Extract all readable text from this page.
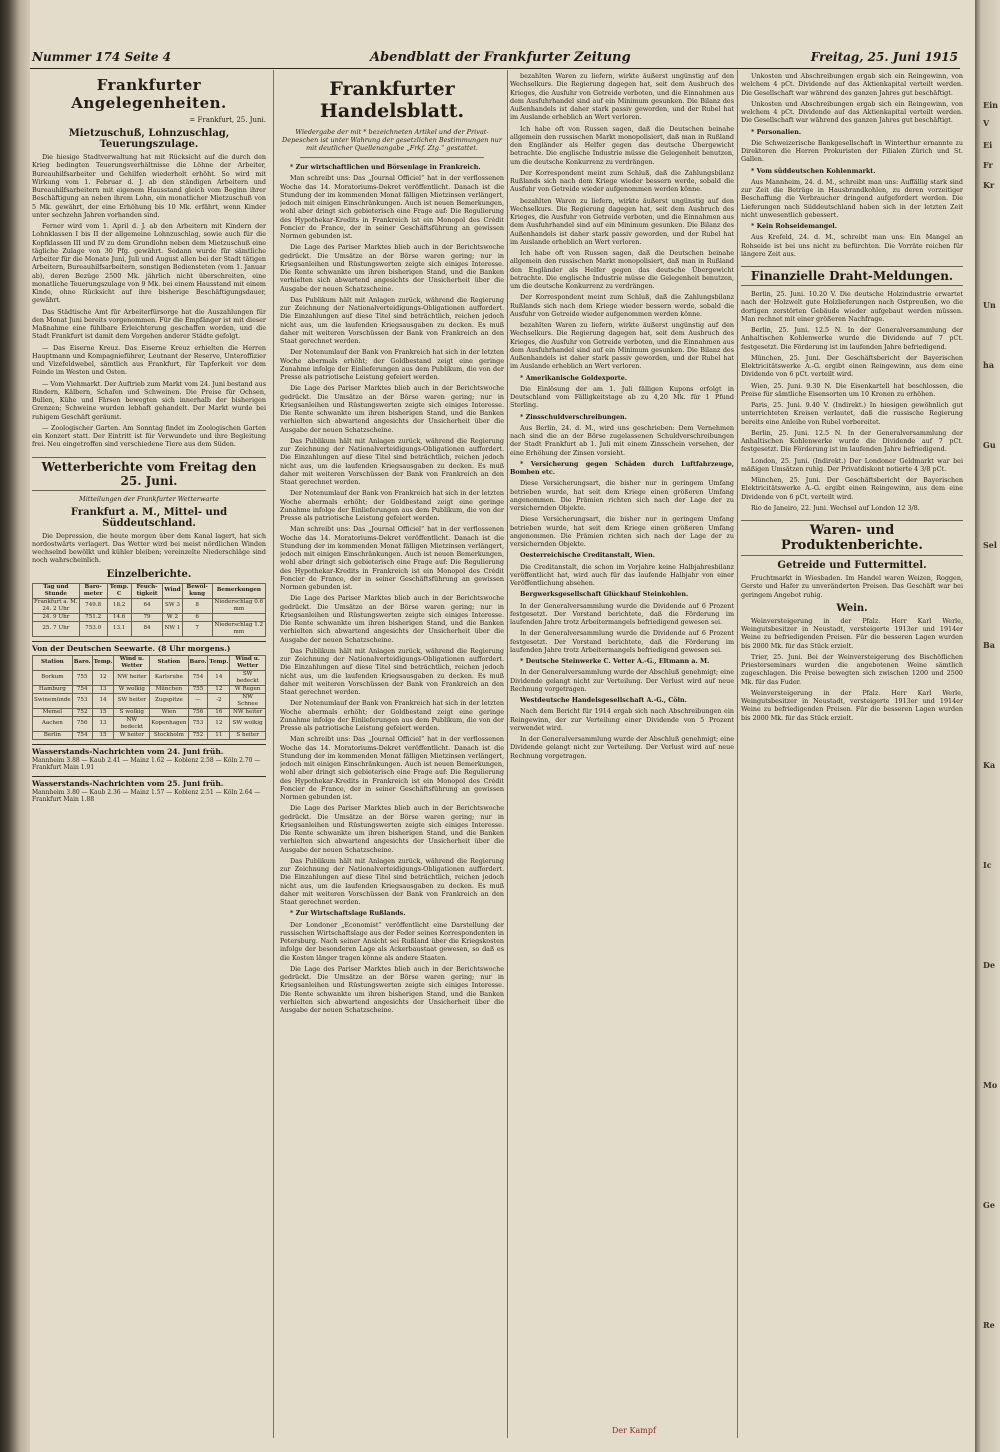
Ein
V
Ei
Fr
Kr
Un
ha
Gu
Sel
Ba
Ka
Ic
De
Mo
Ge
Re
Nummer 174 Seite 4	Abendblatt der Frankfurter Zeitung	Freitag, 25. Juni 1915
Frankfurter Angelegenheiten.
= Frankfurt, 25. Juni.
Mietzuschuß, Lohnzuschlag, Teuerungszulage.

Die hiesige Stadtverwaltung hat mit Rücksicht auf die durch den Krieg bedingten Teuerungsverhältnisse die Löhne der Arbeiter, Bureauhilfsarbeiter und Gehilfen wiederholt erhöht. So wird mit Wirkung vom 1. Februar d. J. ab den ständigen Arbeitern und Bureauhilfsarbeitern mit eigenem Hausstand gleich vom Beginn ihrer Beschäftigung an neben ihrem Lohn, ein monatlicher Mietzuschuß von 5 Mk. gewährt, der eine Erhöhung bis 10 Mk. erfährt, wenn Kinder unter sechzehn Jahren vorhanden sind.

Ferner wird vom 1. April d. J. ab den Arbeitern mit Kindern der Lohnklassen I bis II der allgemeine Lohnzuschlag, sowie auch für die Kopfklassen III und IV zu dem Grundlohn neben dem Mietzuschuß eine tägliche Zulage von 30 Pfg. gewährt. Sodann wurde für sämtliche Arbeiter für die Monate Juni, Juli und August allen bei der Stadt tätigen Arbeitern, Bureauhilfsarbeitern, sonstigen Bediensteten (vom 1. Januar ab), deren Bezüge 2500 Mk. jährlich nicht überschreiten, eine monatliche Teuerungszulage von 9 Mk. bei einem Hausstand mit einem Kinde, ohne Rücksicht auf ihre bisherige Beschäftigungsdauer, gewährt.

Das Städtische Amt für Arbeiterfürsorge hat die Auszahlungen für den Monat Juni bereits vorgenommen. Für die Empfänger ist mit dieser Maßnahme eine fühlbare Erleichterung geschaffen worden, und die Stadt Frankfurt ist damit dem Vorgehen anderer Städte gefolgt.

— Das Eiserne Kreuz. Das Eiserne Kreuz erhielten die Herren Hauptmann und Kompagnieführer, Leutnant der Reserve, Unteroffizier und Vizefeldwebel, sämtlich aus Frankfurt, für Tapferkeit vor dem Feinde im Westen und Osten.

— Vom Viehmarkt. Der Auftrieb zum Markt vom 24. Juni bestand aus Rindern, Kälbern, Schafen und Schweinen. Die Preise für Ochsen, Bullen, Kühe und Färsen bewegten sich innerhalb der bisherigen Grenzen; Schweine wurden lebhaft gehandelt. Der Markt wurde bei ruhigem Geschäft geräumt.

— Zoologischer Garten. Am Sonntag findet im Zoologischen Garten ein Konzert statt. Der Eintritt ist für Verwundete und ihre Begleitung frei. Neu eingetroffen sind verschiedene Tiere aus dem Süden.

Wetterberichte vom Freitag den 25. Juni.
Mitteilungen der Frankfurter Wetterwarte
Frankfurt a. M., Mittel- und Süddeutschland.

Die Depression, die heute morgen über dem Kanal lagert, hat sich nordostwärts verlagert. Das Wetter wird bei meist nördlichen Winden wechselnd bewölkt und kühler bleiben; vereinzelte Niederschläge sind noch wahrscheinlich.

Einzelberichte.
Tag und Stunde	Baro-meter	Temp. C	Feuch-tigkeit	Wind	Bewöl-kung	Bemerkungen
Frankfurt a. M. 24. 2 Uhr	749.8	18.2	64	SW 3	8	Niederschlag 0.6 mm
24. 9 Uhr	751.2	14.6	79	W 2	6	
25. 7 Uhr	753.0	13.1	84	NW 1	7	Niederschlag 1.2 mm
Von der Deutschen Seewarte. (8 Uhr morgens.)
Station	Baro.	Temp.	Wind u. Wetter	Station	Baro.	Temp.	Wind u. Wetter
Borkum	755	12	NW heiter	Karlsruhe	754	14	SW bedeckt
Hamburg	754	13	W wolkig	München	755	12	W Regen
Swinemünde	753	14	SW heiter	Zugspitze	—	-2	NW Schnee
Memel	752	15	S wolkig	Wien	756	16	NW heiter
Aachen	756	13	NW bedeckt	Kopenhagen	753	12	SW wolkig
Berlin	754	15	W heiter	Stockholm	752	11	S heiter
Wasserstands-Nachrichten vom 24. Juni früh.
Mannheim 3.88 — Kaub 2.41 — Mainz 1.62 — Koblenz 2.58 — Köln 2.70 — Frankfurt Main 1.91
Wasserstands-Nachrichten vom 25. Juni früh.
Mannheim 3.80 — Kaub 2.36 — Mainz 1.57 — Koblenz 2.51 — Köln 2.64 — Frankfurt Main 1.88
Frankfurter Handelsblatt.
Wiedergabe der mit * bezeichneten Artikel und der Privat-Depeschen ist unter Wahrung der gesetzlichen Bestimmungen nur mit deutlicher Quellenangabe „Frkf. Ztg.“ gestattet.

* Zur wirtschaftlichen und Börsenlage in Frankreich.

Man schreibt uns: Das „Journal Officiel“ hat in der verflossenen Woche das 14. Moratoriums-Dekret veröffentlicht. Danach ist die Stundung der im kommenden Monat fälligen Mietzinsen verlängert, jedoch mit einigen Einschränkungen. Auch ist neuen Bemerkungen, wohl aber dringt sich gebieterisch eine Frage auf: Die Regulierung des Hypothekar-Kredits in Frankreich ist ein Monopol des Crédit Foncier de France, der in seiner Geschäftsführung an gewissen Normen gebunden ist.

Die Lage des Pariser Marktes blieb auch in der Berichtswoche gedrückt. Die Umsätze an der Börse waren gering; nur in Kriegsanleihen und Rüstungswerten zeigte sich einiges Interesse. Die Rente schwankte um ihren bisherigen Stand, und die Banken verhielten sich abwartend angesichts der Unsicherheit über die Ausgabe der neuen Schatzscheine.

Das Publikum hält mit Anlagen zurück, während die Regierung zur Zeichnung der Nationalverteidigungs-Obligationen auffordert. Die Einzahlungen auf diese Titel sind beträchtlich, reichen jedoch nicht aus, um die laufenden Kriegsausgaben zu decken. Es muß daher mit weiteren Vorschüssen der Bank von Frankreich an den Staat gerechnet werden.

Der Notenumlauf der Bank von Frankreich hat sich in der letzten Woche abermals erhöht; der Goldbestand zeigt eine geringe Zunahme infolge der Einlieferungen aus dem Publikum, die von der Presse als patriotische Leistung gefeiert werden.

Die Lage des Pariser Marktes blieb auch in der Berichtswoche gedrückt. Die Umsätze an der Börse waren gering; nur in Kriegsanleihen und Rüstungswerten zeigte sich einiges Interesse. Die Rente schwankte um ihren bisherigen Stand, und die Banken verhielten sich abwartend angesichts der Unsicherheit über die Ausgabe der neuen Schatzscheine.

Das Publikum hält mit Anlagen zurück, während die Regierung zur Zeichnung der Nationalverteidigungs-Obligationen auffordert. Die Einzahlungen auf diese Titel sind beträchtlich, reichen jedoch nicht aus, um die laufenden Kriegsausgaben zu decken. Es muß daher mit weiteren Vorschüssen der Bank von Frankreich an den Staat gerechnet werden.

Der Notenumlauf der Bank von Frankreich hat sich in der letzten Woche abermals erhöht; der Goldbestand zeigt eine geringe Zunahme infolge der Einlieferungen aus dem Publikum, die von der Presse als patriotische Leistung gefeiert werden.

Man schreibt uns: Das „Journal Officiel“ hat in der verflossenen Woche das 14. Moratoriums-Dekret veröffentlicht. Danach ist die Stundung der im kommenden Monat fälligen Mietzinsen verlängert, jedoch mit einigen Einschränkungen. Auch ist neuen Bemerkungen, wohl aber dringt sich gebieterisch eine Frage auf: Die Regulierung des Hypothekar-Kredits in Frankreich ist ein Monopol des Crédit Foncier de France, der in seiner Geschäftsführung an gewissen Normen gebunden ist.

Die Lage des Pariser Marktes blieb auch in der Berichtswoche gedrückt. Die Umsätze an der Börse waren gering; nur in Kriegsanleihen und Rüstungswerten zeigte sich einiges Interesse. Die Rente schwankte um ihren bisherigen Stand, und die Banken verhielten sich abwartend angesichts der Unsicherheit über die Ausgabe der neuen Schatzscheine.

Das Publikum hält mit Anlagen zurück, während die Regierung zur Zeichnung der Nationalverteidigungs-Obligationen auffordert. Die Einzahlungen auf diese Titel sind beträchtlich, reichen jedoch nicht aus, um die laufenden Kriegsausgaben zu decken. Es muß daher mit weiteren Vorschüssen der Bank von Frankreich an den Staat gerechnet werden.

Der Notenumlauf der Bank von Frankreich hat sich in der letzten Woche abermals erhöht; der Goldbestand zeigt eine geringe Zunahme infolge der Einlieferungen aus dem Publikum, die von der Presse als patriotische Leistung gefeiert werden.

Man schreibt uns: Das „Journal Officiel“ hat in der verflossenen Woche das 14. Moratoriums-Dekret veröffentlicht. Danach ist die Stundung der im kommenden Monat fälligen Mietzinsen verlängert, jedoch mit einigen Einschränkungen. Auch ist neuen Bemerkungen, wohl aber dringt sich gebieterisch eine Frage auf: Die Regulierung des Hypothekar-Kredits in Frankreich ist ein Monopol des Crédit Foncier de France, der in seiner Geschäftsführung an gewissen Normen gebunden ist.

Die Lage des Pariser Marktes blieb auch in der Berichtswoche gedrückt. Die Umsätze an der Börse waren gering; nur in Kriegsanleihen und Rüstungswerten zeigte sich einiges Interesse. Die Rente schwankte um ihren bisherigen Stand, und die Banken verhielten sich abwartend angesichts der Unsicherheit über die Ausgabe der neuen Schatzscheine.

Das Publikum hält mit Anlagen zurück, während die Regierung zur Zeichnung der Nationalverteidigungs-Obligationen auffordert. Die Einzahlungen auf diese Titel sind beträchtlich, reichen jedoch nicht aus, um die laufenden Kriegsausgaben zu decken. Es muß daher mit weiteren Vorschüssen der Bank von Frankreich an den Staat gerechnet werden.

* Zur Wirtschaftslage Rußlands.

Der Londoner „Economist“ veröffentlicht eine Darstellung der russischen Wirtschaftslage aus der Feder seines Korrespondenten in Petersburg. Nach seiner Ansicht sei Rußland über die Kriegskosten infolge der besonderen Lage als Ackerbaustaat gewesen, so daß es die Kosten länger tragen könne als andere Staaten.

Die Lage des Pariser Marktes blieb auch in der Berichtswoche gedrückt. Die Umsätze an der Börse waren gering; nur in Kriegsanleihen und Rüstungswerten zeigte sich einiges Interesse. Die Rente schwankte um ihren bisherigen Stand, und die Banken verhielten sich abwartend angesichts der Unsicherheit über die Ausgabe der neuen Schatzscheine.

bezahlten Waren zu liefern, wirkte äußerst ungünstig auf den Wechselkurs. Die Regierung dagegen hat, seit dem Ausbruch des Krieges, die Ausfuhr von Getreide verboten, und die Einnahmen aus dem Ausfuhrhandel sind auf ein Minimum gesunken. Die Bilanz des Außenhandels ist daher stark passiv geworden, und der Rubel hat im Auslande erheblich an Wert verloren.

Ich habe oft von Russen sagen, daß die Deutschen beinahe allgemein den russischen Markt monopolisiert, daß man in Rußland den Engländer als Helfer gegen das deutsche Übergewicht betrachte. Die englische Industrie müsse die Gelegenheit benutzen, um die deutsche Konkurrenz zu verdrängen.

Der Korrespondent meint zum Schluß, daß die Zahlungsbilanz Rußlands sich nach dem Kriege wieder bessern werde, sobald die Ausfuhr von Getreide wieder aufgenommen werden könne.

bezahlten Waren zu liefern, wirkte äußerst ungünstig auf den Wechselkurs. Die Regierung dagegen hat, seit dem Ausbruch des Krieges, die Ausfuhr von Getreide verboten, und die Einnahmen aus dem Ausfuhrhandel sind auf ein Minimum gesunken. Die Bilanz des Außenhandels ist daher stark passiv geworden, und der Rubel hat im Auslande erheblich an Wert verloren.

Ich habe oft von Russen sagen, daß die Deutschen beinahe allgemein den russischen Markt monopolisiert, daß man in Rußland den Engländer als Helfer gegen das deutsche Übergewicht betrachte. Die englische Industrie müsse die Gelegenheit benutzen, um die deutsche Konkurrenz zu verdrängen.

Der Korrespondent meint zum Schluß, daß die Zahlungsbilanz Rußlands sich nach dem Kriege wieder bessern werde, sobald die Ausfuhr von Getreide wieder aufgenommen werden könne.

bezahlten Waren zu liefern, wirkte äußerst ungünstig auf den Wechselkurs. Die Regierung dagegen hat, seit dem Ausbruch des Krieges, die Ausfuhr von Getreide verboten, und die Einnahmen aus dem Ausfuhrhandel sind auf ein Minimum gesunken. Die Bilanz des Außenhandels ist daher stark passiv geworden, und der Rubel hat im Auslande erheblich an Wert verloren.

* Amerikanische Goldexporte.

Die Einlösung der am 1. Juli fälligen Kupons erfolgt in Deutschland vom Fälligkeitstage ab zu 4,20 Mk. für 1 Pfund Sterling.

* Zinsschuldverschreibungen.

Aus Berlin, 24. d. M., wird uns geschrieben: Dem Vernehmen nach sind die an der Börse zugelassenen Schuldverschreibungen der Stadt Frankfurt ab 1. Juli mit einem Zinsschein versehen, der eine Erhöhung der Zinsen vorsieht.

* Versicherung gegen Schäden durch Luftfahrzeuge, Bomben etc.

Diese Versicherungsart, die bisher nur in geringem Umfang betrieben wurde, hat seit dem Kriege einen größeren Umfang angenommen. Die Prämien richten sich nach der Lage der zu versichernden Objekte.

Diese Versicherungsart, die bisher nur in geringem Umfang betrieben wurde, hat seit dem Kriege einen größeren Umfang angenommen. Die Prämien richten sich nach der Lage der zu versichernden Objekte.

Oesterreichische Creditanstalt, Wien.

Die Creditanstalt, die schon im Vorjahre keine Halbjahresbilanz veröffentlicht hat, wird auch für das laufende Halbjahr von einer Veröffentlichung absehen.

Bergwerksgesellschaft Glückhauf Steinkohlen.

In der Generalversammlung wurde die Dividende auf 6 Prozent festgesetzt. Der Vorstand berichtete, daß die Förderung im laufenden Jahre trotz Arbeitermangels befriedigend gewesen sei.

In der Generalversammlung wurde die Dividende auf 6 Prozent festgesetzt. Der Vorstand berichtete, daß die Förderung im laufenden Jahre trotz Arbeitermangels befriedigend gewesen sei.

* Deutsche Steinwerke C. Vetter A.-G., Eltmann a. M.

In der Generalversammlung wurde der Abschluß genehmigt; eine Dividende gelangt nicht zur Verteilung. Der Verlust wird auf neue Rechnung vorgetragen.

Westdeutsche Handelsgesellschaft A.-G., Cöln.

Nach dem Bericht für 1914 ergab sich nach Abschreibungen ein Reingewinn, der zur Verteilung einer Dividende von 5 Prozent verwendet wird.

In der Generalversammlung wurde der Abschluß genehmigt; eine Dividende gelangt nicht zur Verteilung. Der Verlust wird auf neue Rechnung vorgetragen.

Unkosten und Abschreibungen ergab sich ein Reingewinn, von welchem 4 pCt. Dividende auf das Aktienkapital verteilt werden. Die Gesellschaft war während des ganzen Jahres gut beschäftigt.

Unkosten und Abschreibungen ergab sich ein Reingewinn, von welchem 4 pCt. Dividende auf das Aktienkapital verteilt werden. Die Gesellschaft war während des ganzen Jahres gut beschäftigt.

* Personalien.

Die Schweizerische Bankgesellschaft in Winterthur ernannte zu Direktoren die Herren Prokuristen der Filialen Zürich und St. Gallen.

* Vom süddeutschen Kohlenmarkt.

Aus Mannheim, 24. d. M., schreibt man uns: Auffällig stark sind zur Zeit die Beträge in Hausbrandkohlen, zu deren vorzeitiger Beschaffung die Verbraucher dringend aufgefordert werden. Die Lieferungen nach Süddeutschland haben sich in der letzten Zeit nicht unwesentlich gebessert.

* Kein Rohseidemangel.

Aus Krefeld, 24. d. M., schreibt man uns: Ein Mangel an Rohseide ist bei uns nicht zu befürchten. Die Vorräte reichen für längere Zeit aus.

Finanzielle Draht-Meldungen.

Berlin, 25. Juni. 10.20 V. Die deutsche Holzindustrie erwartet nach der Holzwelt gute Holzlieferungen nach Ostpreußen, wo die dortigen zerstörten Gebäude wieder aufgebaut werden müssen. Man rechnet mit einer größeren Nachfrage.

Berlin, 25. Juni. 12.5 N. In der Generalversammlung der Anhaltischen Kohlenwerke wurde die Dividende auf 7 pCt. festgesetzt. Die Förderung ist im laufenden Jahre befriedigend.

München, 25. Juni. Der Geschäftsbericht der Bayerischen Elektricitätswerke A.-G. ergibt einen Reingewinn, aus dem eine Dividende von 6 pCt. verteilt wird.

Wien, 25. Juni. 9.30 N. Die Eisenkartell hat beschlossen, die Preise für sämtliche Eisensorten um 10 Kronen zu erhöhen.

Paris, 25. Juni. 9.40 V. (Indirekt.) In hiesigen gewöhnlich gut unterrichteten Kreisen verlautet, daß die russische Regierung bereits eine Anleihe von Rubel vorbereitet.

Berlin, 25. Juni. 12.5 N. In der Generalversammlung der Anhaltischen Kohlenwerke wurde die Dividende auf 7 pCt. festgesetzt. Die Förderung ist im laufenden Jahre befriedigend.

London, 25. Juni. (Indirekt.) Der Londoner Geldmarkt war bei mäßigen Umsätzen ruhig. Der Privatdiskont notierte 4 3/8 pCt.

München, 25. Juni. Der Geschäftsbericht der Bayerischen Elektricitätswerke A.-G. ergibt einen Reingewinn, aus dem eine Dividende von 6 pCt. verteilt wird.

Rio de Janeiro, 22. Juni. Wechsel auf London 12 3/8.

Waren- und Produktenberichte.
Getreide und Futtermittel.

Fruchtmarkt in Wiesbaden. Im Handel waren Weizen, Roggen, Gerste und Hafer zu unveränderten Preisen. Das Geschäft war bei geringem Angebot ruhig.

Wein.

Weinversteigerung in der Pfalz. Herr Karl Werle, Weingutsbesitzer in Neustadt, versteigerte 1913er und 1914er Weine zu befriedigenden Preisen. Für die besseren Lagen wurden bis 2000 Mk. für das Stück erzielt.

Trier, 25. Juni. Bei der Weinversteigerung des Bischöflichen Priesterseminars wurden die angebotenen Weine sämtlich zugeschlagen. Die Preise bewegten sich zwischen 1200 und 2500 Mk. für das Fuder.

Weinversteigerung in der Pfalz. Herr Karl Werle, Weingutsbesitzer in Neustadt, versteigerte 1913er und 1914er Weine zu befriedigenden Preisen. Für die besseren Lagen wurden bis 2000 Mk. für das Stück erzielt.

Der Kampf
